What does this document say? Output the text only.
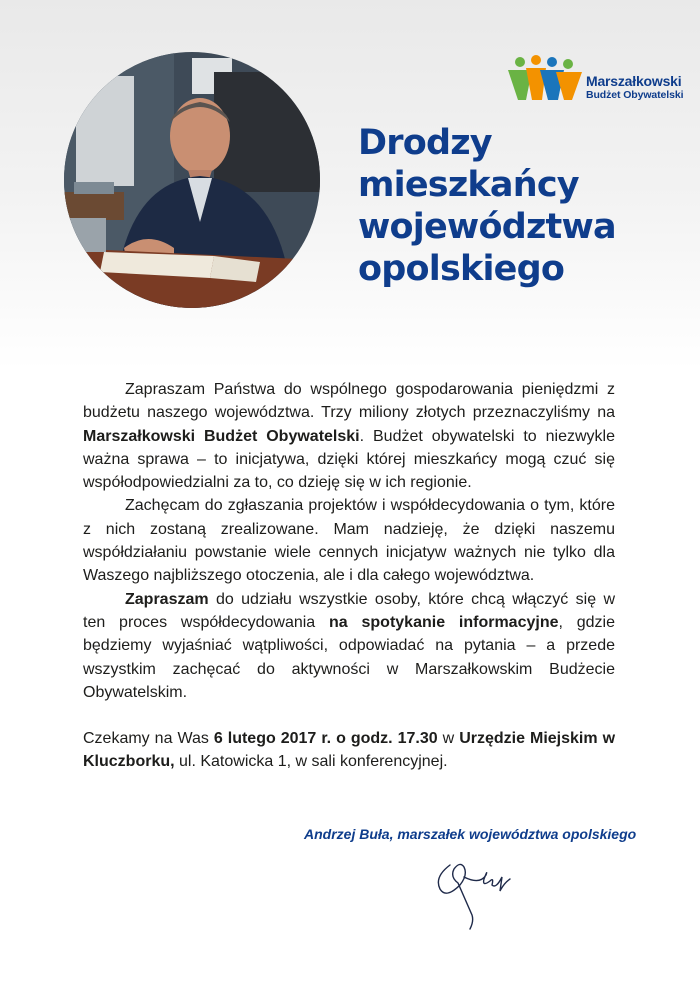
Marszałkowski
Budżet Obywatelski
Drodzy
mieszkańcy
województwa
opolskiego

Zapraszam Państwa do wspólnego gospodarowania pieniędzmi z budżetu naszego województwa. Trzy miliony złotych przeznaczyliśmy na Marszałkowski Budżet Obywatelski. Budżet obywatelski to niezwykle ważna sprawa – to inicjatywa, dzięki której mieszkańcy mogą czuć się współodpowiedzialni za to, co dzieję się w ich regionie.

Zachęcam do zgłaszania projektów i współdecydowania o tym, które z nich zostaną zrealizowane. Mam nadzieję, że dzięki naszemu współdziałaniu powstanie wiele cennych inicjatyw ważnych nie tylko dla Waszego najbliższego otoczenia, ale i dla całego województwa.

Zapraszam do udziału wszystkie osoby, które chcą włączyć się w ten proces współdecydowania na spotykanie informacyjne, gdzie będziemy wyjaśniać wątpliwości, odpowiadać na pytania – a przede wszystkim zachęcać do aktywności w Marszałkowskim Budżecie Obywatelskim.

Czekamy na Was 6 lutego 2017 r. o godz. 17.30 w Urzędzie Miejskim w Kluczborku, ul. Katowicka 1, w sali konferencyjnej.

Andrzej Buła, marszałek województwa opolskiego
